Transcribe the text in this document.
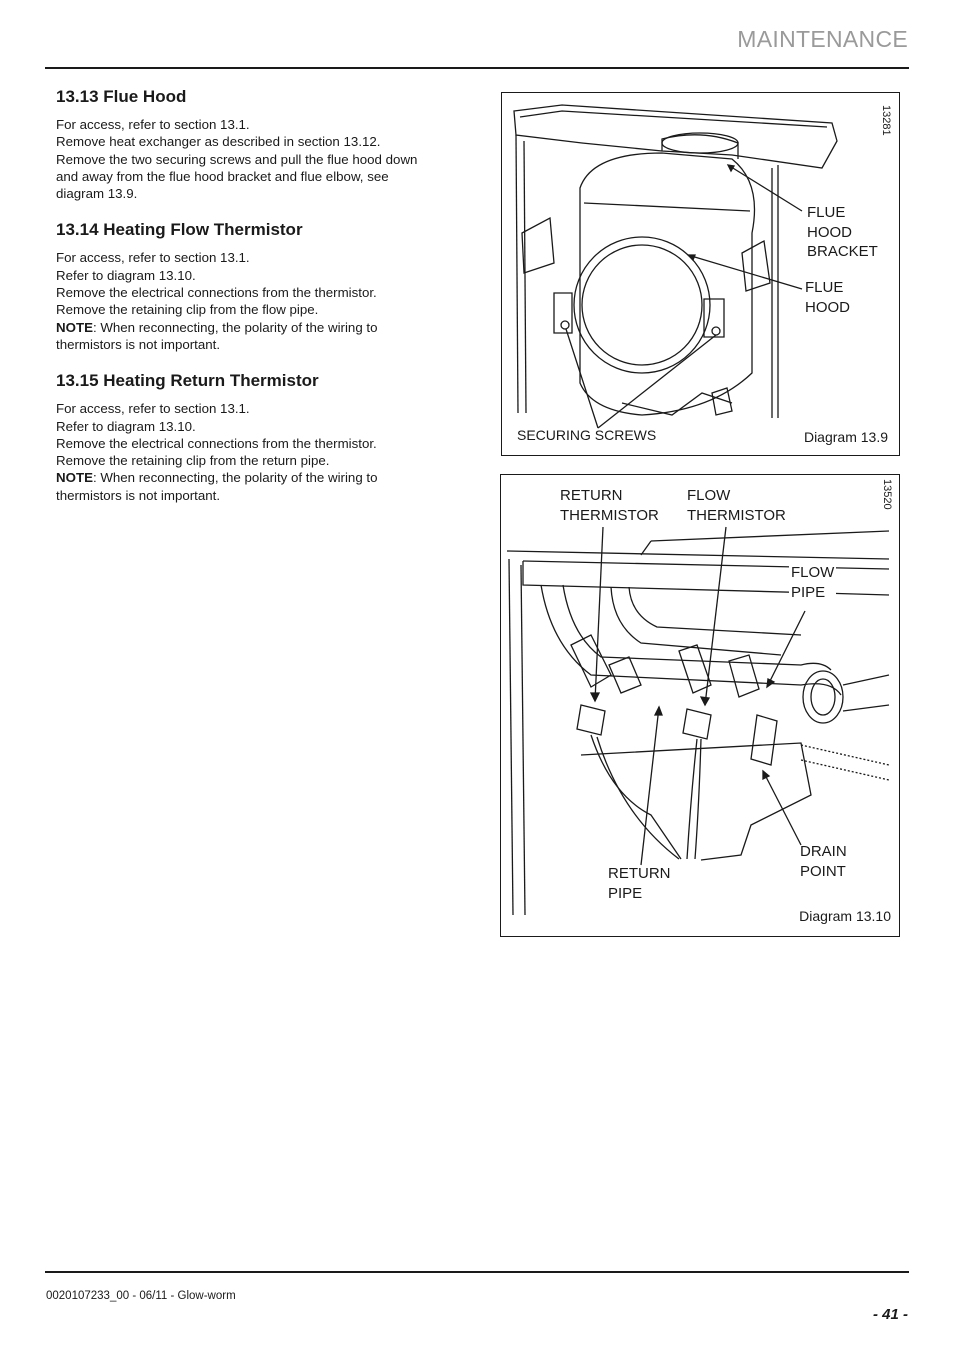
MAINTENANCE
13.13 Flue Hood

For access, refer to section 13.1.

Remove heat exchanger as described in section 13.12.

Remove the two securing screws and pull the flue hood down

and away from the flue hood bracket and flue elbow, see

diagram 13.9.

13.14 Heating Flow Thermistor

For access, refer to section 13.1.

Refer to diagram 13.10.

Remove the electrical connections from the thermistor.

Remove the retaining clip from the flow pipe.

NOTE: When reconnecting, the polarity of the wiring to

thermistors is not important.

13.15 Heating Return Thermistor

For access, refer to section 13.1.

Refer to diagram 13.10.

Remove the electrical connections from the thermistor.

Remove the retaining clip from the return pipe.

NOTE: When reconnecting, the polarity of the wiring to

thermistors is not important.

13281
FLUE
HOOD
BRACKET
FLUE
HOOD
SECURING SCREWS	Diagram 13.9
13520
RETURN
THERMISTOR
FLOW
THERMISTOR
FLOW
PIPE
DRAIN
POINT
RETURN
PIPE
Diagram 13.10
0020107233_00 - 06/11 - Glow-worm
- 41 -
